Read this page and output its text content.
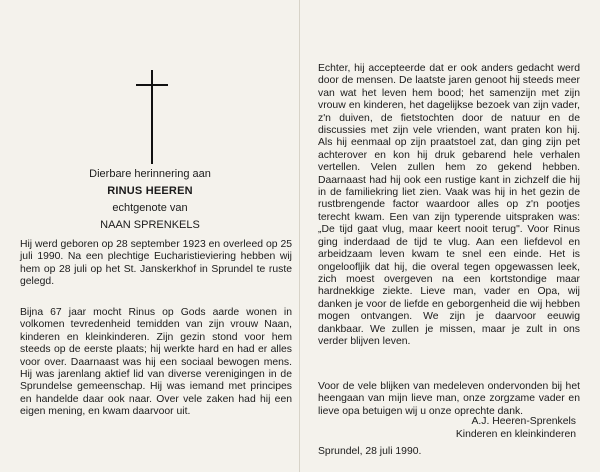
Dierbare herinnering aan
RINUS HEEREN
echtgenote van
NAAN SPRENKELS

Hij werd geboren op 28 september 1923 en overleed op 25 juli 1990. Na een plechtige Eucharistieviering hebben wij hem op 28 juli op het St. Janskerkhof in Sprundel te ruste gelegd.

Bijna 67 jaar mocht Rinus op Gods aarde wonen in volkomen tevredenheid temidden van zijn vrouw Naan, kinderen en kleinkinderen. Zijn gezin stond voor hem steeds op de eerste plaats; hij werkte hard en had er alles voor over. Daarnaast was hij een sociaal bewogen mens. Hij was jarenlang aktief lid van diverse verenigingen in de Sprundelse gemeenschap. Hij was iemand met principes en handelde daar ook naar. Over vele zaken had hij een eigen mening, en kwam daarvoor uit.

Echter, hij accepteerde dat er ook anders gedacht werd door de mensen. De laatste jaren genoot hij steeds meer van wat het leven hem bood; het samenzijn met zijn vrouw en kinderen, het dagelijkse bezoek van zijn vader, z'n duiven, de fietstochten door de natuur en de discussies met zijn vele vrienden, want praten kon hij. Als hij eenmaal op zijn praatstoel zat, dan ging zijn pet achterover en kon hij druk gebarend hele verhalen vertellen. Velen zullen hem zo gekend hebben. Daarnaast had hij ook een rustige kant in zichzelf die hij in de familiekring liet zien. Vaak was hij in het gezin de rustbrengende factor waardoor alles op z'n pootjes terecht kwam. Een van zijn typerende uitspraken was: „De tijd gaat vlug, maar keert nooit terug". Voor Rinus ging inderdaad de tijd te vlug. Aan een liefdevol en arbeidzaam leven kwam te snel een einde. Het is ongeloofljik dat hij, die overal tegen opgewassen leek, zich moest overgeven na een kortstondige maar hardnekkige ziekte. Lieve man, vader en Opa, wij danken je voor de liefde en geborgenheid die wij hebben mogen ontvangen. We zijn je daarvoor eeuwig dankbaar. We zullen je missen, maar je zult in ons verder blijven leven.

Voor de vele blijken van medeleven ondervonden bij het heengaan van mijn lieve man, onze zorgzame vader en lieve opa betuigen wij u onze oprechte dank.

A.J. Heeren-Sprenkels
Kinderen en kleinkinderen
Sprundel, 28 juli 1990.
